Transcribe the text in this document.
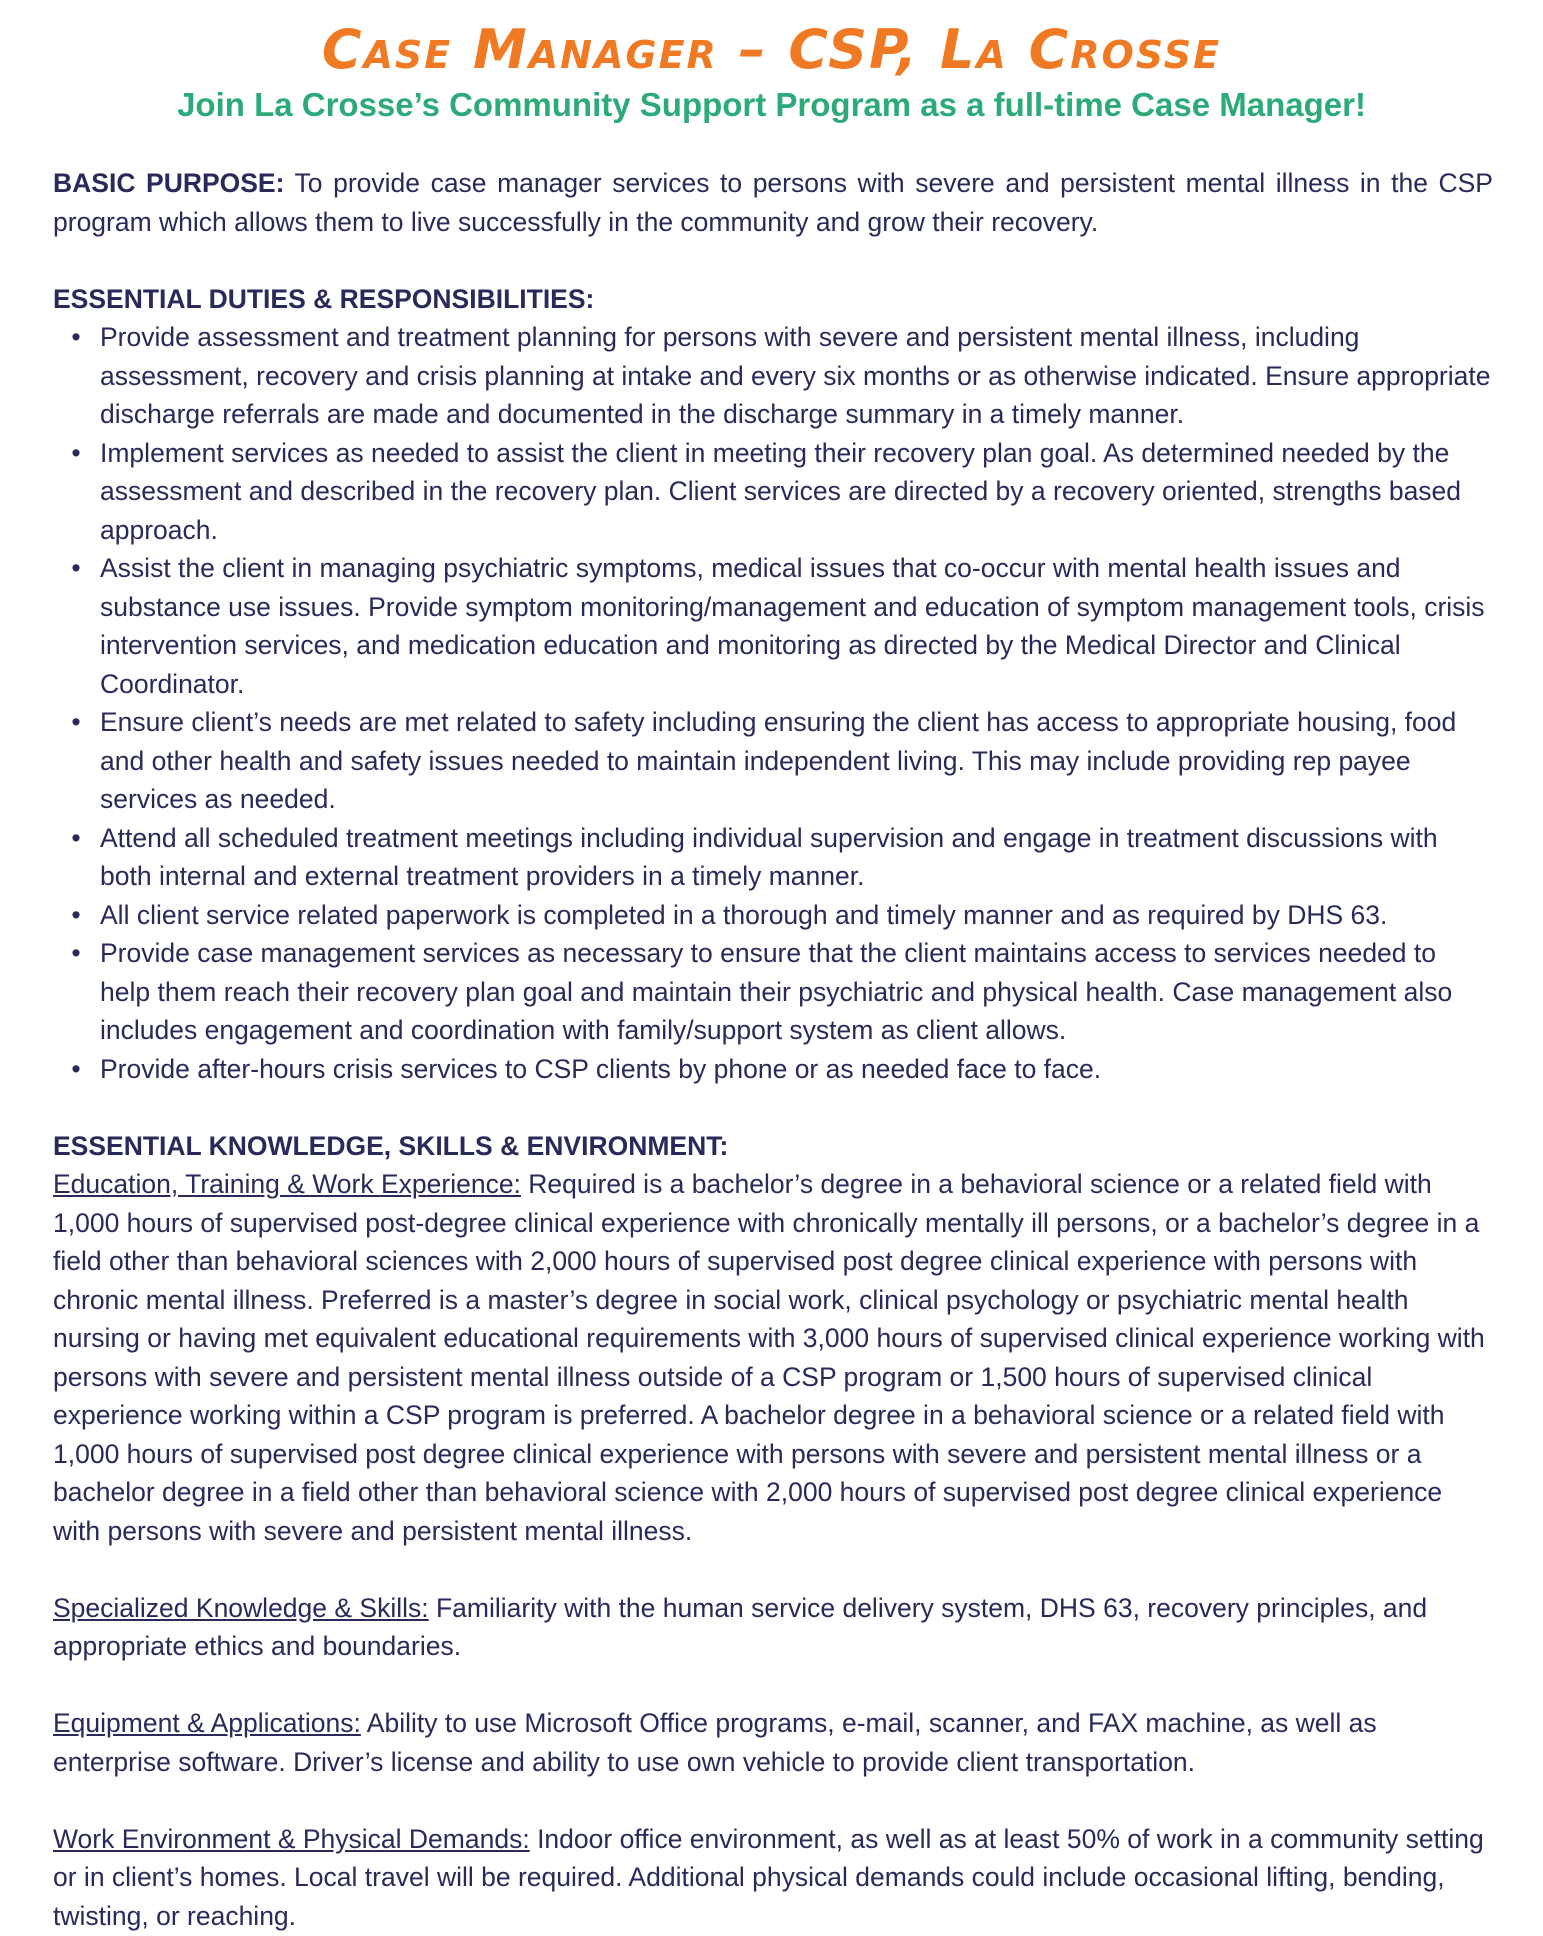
Case Manager – CSP, La Crosse
Join La Crosse’s Community Support Program as a full-time Case Manager!

BASIC PURPOSE: To provide case manager services to persons with severe and persistent mental illness in the CSP program which allows them to live successfully in the community and grow their recovery.

ESSENTIAL DUTIES & RESPONSIBILITIES:

• Provide assessment and treatment planning for persons with severe and persistent mental illness, including assessment, recovery and crisis planning at intake and every six months or as otherwise indicated. Ensure appropriate discharge referrals are made and documented in the discharge summary in a timely manner.
• Implement services as needed to assist the client in meeting their recovery plan goal. As determined needed by the assessment and described in the recovery plan. Client services are directed by a recovery oriented, strengths based approach.
• Assist the client in managing psychiatric symptoms, medical issues that co-occur with mental health issues and substance use issues. Provide symptom monitoring/management and education of symptom management tools, crisis intervention services, and medication education and monitoring as directed by the Medical Director and Clinical Coordinator.
• Ensure client’s needs are met related to safety including ensuring the client has access to appropriate housing, food and other health and safety issues needed to maintain independent living. This may include providing rep payee services as needed.
• Attend all scheduled treatment meetings including individual supervision and engage in treatment discussions with both internal and external treatment providers in a timely manner.
• All client service related paperwork is completed in a thorough and timely manner and as required by DHS 63.
• Provide case management services as necessary to ensure that the client maintains access to services needed to help them reach their recovery plan goal and maintain their psychiatric and physical health. Case management also includes engagement and coordination with family/support system as client allows.
• Provide after-hours crisis services to CSP clients by phone or as needed face to face.

ESSENTIAL KNOWLEDGE, SKILLS & ENVIRONMENT:

Education, Training & Work Experience: Required is a bachelor’s degree in a behavioral science or a related field with 1,000 hours of supervised post-degree clinical experience with chronically mentally ill persons, or a bachelor’s degree in a field other than behavioral sciences with 2,000 hours of supervised post degree clinical experience with persons with chronic mental illness. Preferred is a master’s degree in social work, clinical psychology or psychiatric mental health nursing or having met equivalent educational requirements with 3,000 hours of supervised clinical experience working with persons with severe and persistent mental illness outside of a CSP program or 1,500 hours of supervised clinical experience working within a CSP program is preferred. A bachelor degree in a behavioral science or a related field with 1,000 hours of supervised post degree clinical experience with persons with severe and persistent mental illness or a bachelor degree in a field other than behavioral science with 2,000 hours of supervised post degree clinical experience with persons with severe and persistent mental illness.

Specialized Knowledge & Skills: Familiarity with the human service delivery system, DHS 63, recovery principles, and appropriate ethics and boundaries.

Equipment & Applications: Ability to use Microsoft Office programs, e-mail, scanner, and FAX machine, as well as enterprise software. Driver’s license and ability to use own vehicle to provide client transportation.

Work Environment & Physical Demands: Indoor office environment, as well as at least 50% of work in a community setting or in client’s homes. Local travel will be required. Additional physical demands could include occasional lifting, bending, twisting, or reaching.
